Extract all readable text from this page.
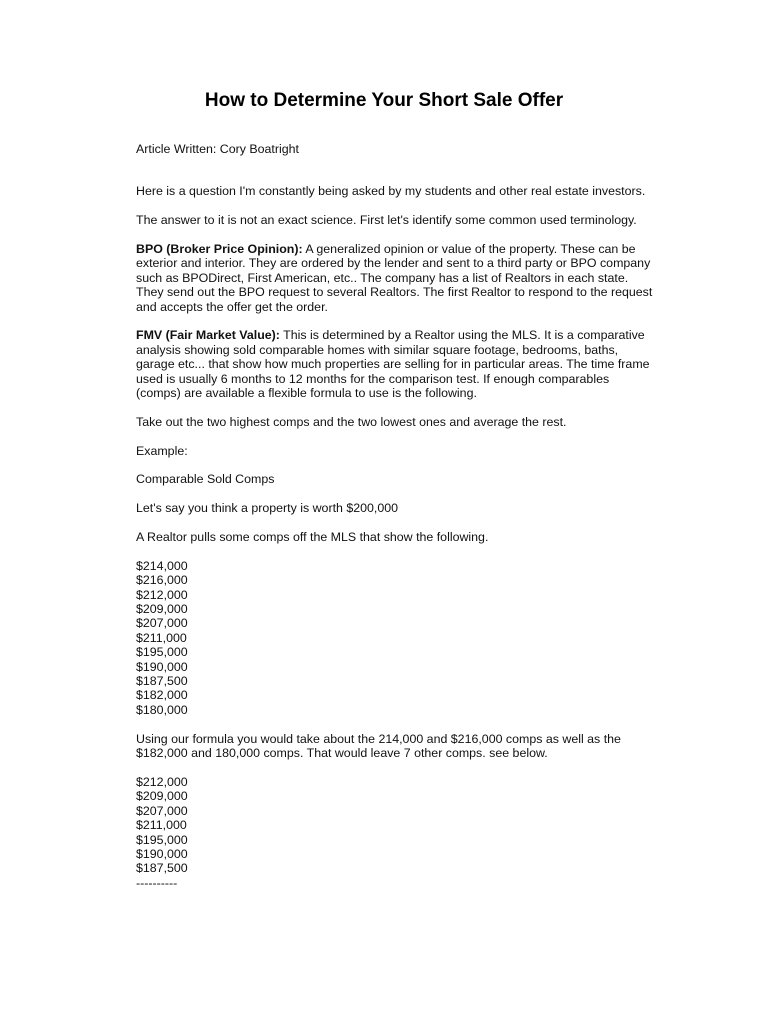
How to Determine Your Short Sale Offer

Article Written: Cory Boatright

Here is a question I'm constantly being asked by my students and other real estate investors.

The answer to it is not an exact science. First let's identify some common used terminology.

BPO (Broker Price Opinion): A generalized opinion or value of the property. These can be exterior and interior. They are ordered by the lender and sent to a third party or BPO company such as BPODirect, First American, etc.. The company has a list of Realtors in each state. They send out the BPO request to several Realtors. The first Realtor to respond to the request and accepts the offer get the order.

FMV (Fair Market Value): This is determined by a Realtor using the MLS. It is a comparative analysis showing sold comparable homes with similar square footage, bedrooms, baths, garage etc... that show how much properties are selling for in particular areas. The time frame used is usually 6 months to 12 months for the comparison test. If enough comparables (comps) are available a flexible formula to use is the following.

Take out the two highest comps and the two lowest ones and average the rest.

Example:

Comparable Sold Comps

Let's say you think a property is worth $200,000

A Realtor pulls some comps off the MLS that show the following.

$214,000
$216,000
$212,000
$209,000
$207,000
$211,000
$195,000
$190,000
$187,500
$182,000
$180,000

Using our formula you would take about the 214,000 and $216,000 comps as well as the $182,000 and 180,000 comps. That would leave 7 other comps. see below.

$212,000
$209,000
$207,000
$211,000
$195,000
$190,000
$187,500
----------
